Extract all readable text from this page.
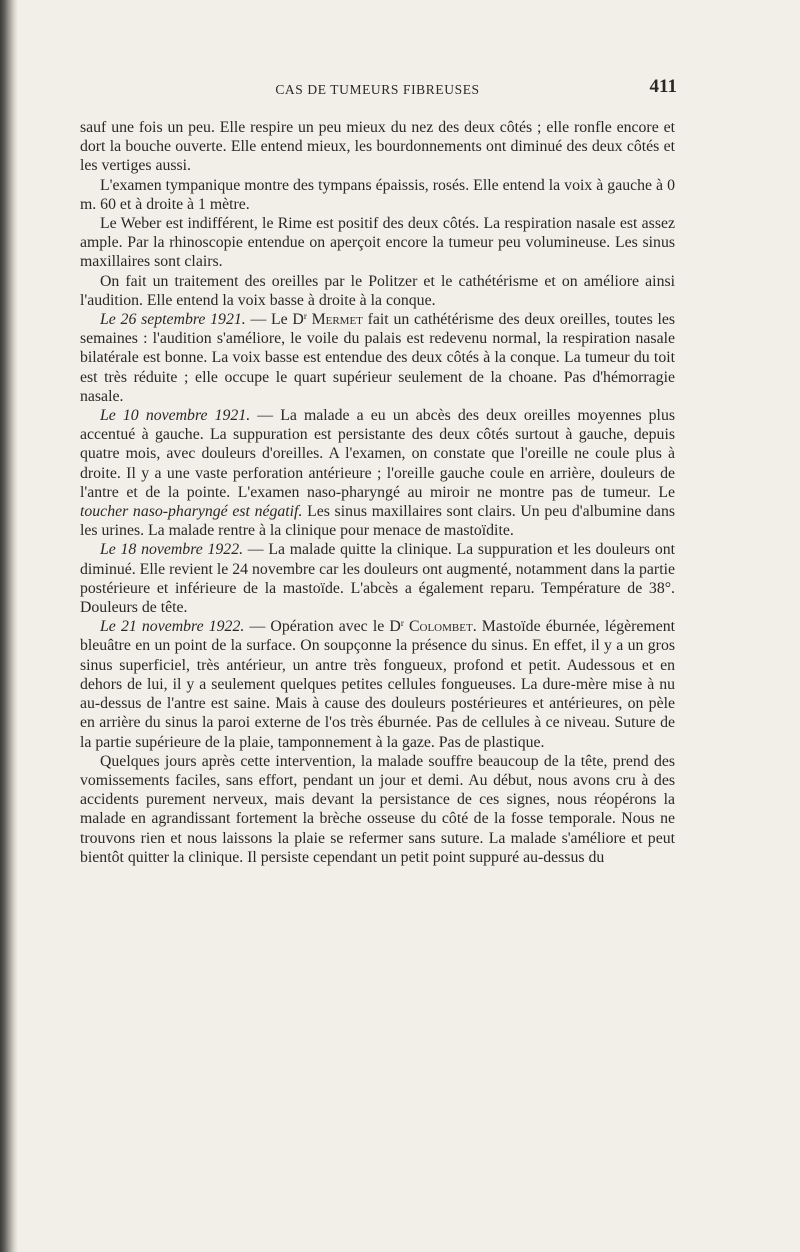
CAS DE TUMEURS FIBREUSES	411

sauf une fois un peu. Elle respire un peu mieux du nez des deux côtés ; elle ronfle encore et dort la bouche ouverte. Elle entend mieux, les bourdonnements ont diminué des deux côtés et les vertiges aussi.

L'examen tympanique montre des tympans épaissis, rosés. Elle entend la voix à gauche à 0 m. 60 et à droite à 1 mètre.

Le Weber est indifférent, le Rime est positif des deux côtés. La respiration nasale est assez ample. Par la rhinoscopie entendue on aperçoit encore la tumeur peu volumineuse. Les sinus maxillaires sont clairs.

On fait un traitement des oreilles par le Politzer et le cathétérisme et on améliore ainsi l'audition. Elle entend la voix basse à droite à la conque.

Le 26 septembre 1921. — Le $D^r$ Mermet fait un cathétérisme des deux oreilles, toutes les semaines : l'audition s'améliore, le voile du palais est redevenu normal, la respiration nasale bilatérale est bonne. La voix basse est entendue des deux côtés à la conque. La tumeur du toit est très réduite ; elle occupe le quart supérieur seulement de la choane. Pas d'hémorragie nasale.

Le 10 novembre 1921. — La malade a eu un abcès des deux oreilles moyennes plus accentué à gauche. La suppuration est persistante des deux côtés surtout à gauche, depuis quatre mois, avec douleurs d'oreilles. A l'examen, on constate que l'oreille ne coule plus à droite. Il y a une vaste perforation antérieure ; l'oreille gauche coule en arrière, douleurs de l'antre et de la pointe. L'examen naso-pharyngé au miroir ne montre pas de tumeur. Le toucher naso-pharyngé est négatif. Les sinus maxillaires sont clairs. Un peu d'albumine dans les urines. La malade rentre à la clinique pour menace de mastoïdite.

Le 18 novembre 1922. — La malade quitte la clinique. La suppuration et les douleurs ont diminué. Elle revient le 24 novembre car les douleurs ont augmenté, notamment dans la partie postérieure et inférieure de la mastoïde. L'abcès a également reparu. Température de 38°. Douleurs de tête.

Le 21 novembre 1922. — Opération avec le $D^r$ Colombet. Mastoïde éburnée, légèrement bleuâtre en un point de la surface. On soupçonne la présence du sinus. En effet, il y a un gros sinus superficiel, très antérieur, un antre très fongueux, profond et petit. Audessous et en dehors de lui, il y a seulement quelques petites cellules fongueuses. La dure-mère mise à nu au-dessus de l'antre est saine. Mais à cause des douleurs postérieures et antérieures, on pèle en arrière du sinus la paroi externe de l'os très éburnée. Pas de cellules à ce niveau. Suture de la partie supérieure de la plaie, tamponnement à la gaze. Pas de plastique.

Quelques jours après cette intervention, la malade souffre beaucoup de la tête, prend des vomissements faciles, sans effort, pendant un jour et demi. Au début, nous avons cru à des accidents purement nerveux, mais devant la persistance de ces signes, nous réopérons la malade en agrandissant fortement la brèche osseuse du côté de la fosse temporale. Nous ne trouvons rien et nous laissons la plaie se refermer sans suture. La malade s'améliore et peut bientôt quitter la clinique. Il persiste cependant un petit point suppuré au-dessus du
